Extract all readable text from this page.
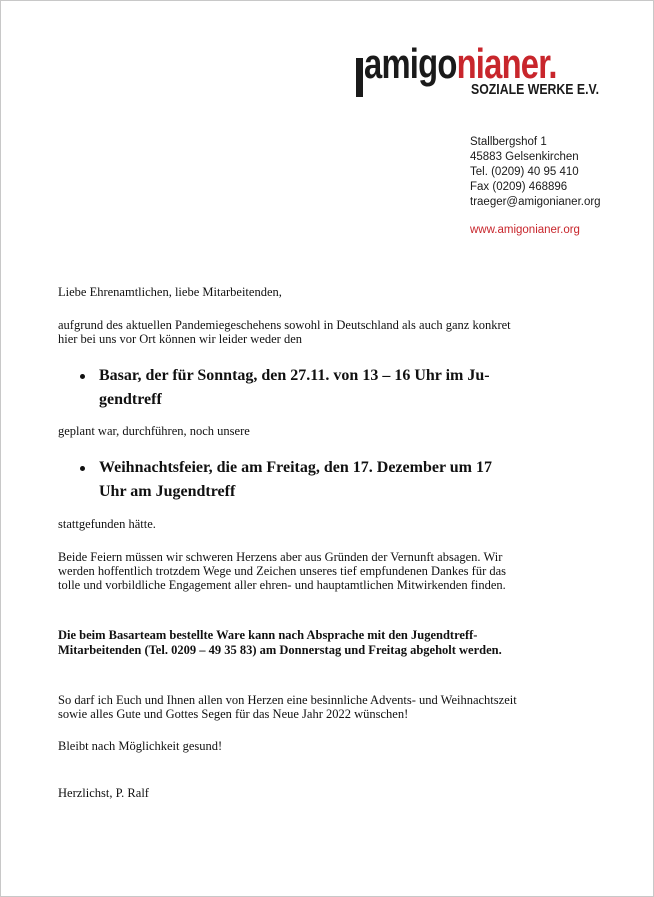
amigonianer.
SOZIALE WERKE E.V.
Stallbergshof 1
45883 Gelsenkirchen
Tel. (0209) 40 95 410
Fax (0209) 468896
traeger@amigonianer.org
www.amigonianer.org

Liebe Ehrenamtlichen, liebe Mitarbeitenden,

aufgrund des aktuellen Pandemiegeschehens sowohl in Deutschland als auch ganz konkret

hier bei uns vor Ort können wir leider weder den

Basar, der für Sonntag, den 27.11. von 13 – 16 Uhr im Ju-
gendtreff

geplant war, durchführen, noch unsere

Weihnachtsfeier, die am Freitag, den 17. Dezember um 17
Uhr am Jugendtreff

stattgefunden hätte.

Beide Feiern müssen wir schweren Herzens aber aus Gründen der Vernunft absagen. Wir

werden hoffentlich trotzdem Wege und Zeichen unseres tief empfundenen Dankes für das

tolle und vorbildliche Engagement aller ehren- und hauptamtlichen Mitwirkenden finden.

Die beim Basarteam bestellte Ware kann nach Absprache mit den Jugendtreff-

Mitarbeitenden (Tel. 0209 – 49 35 83) am Donnerstag und Freitag abgeholt werden.

So darf ich Euch und Ihnen allen von Herzen eine besinnliche Advents- und Weihnachtszeit

sowie alles Gute und Gottes Segen für das Neue Jahr 2022 wünschen!

Bleibt nach Möglichkeit gesund!

Herzlichst, P. Ralf
